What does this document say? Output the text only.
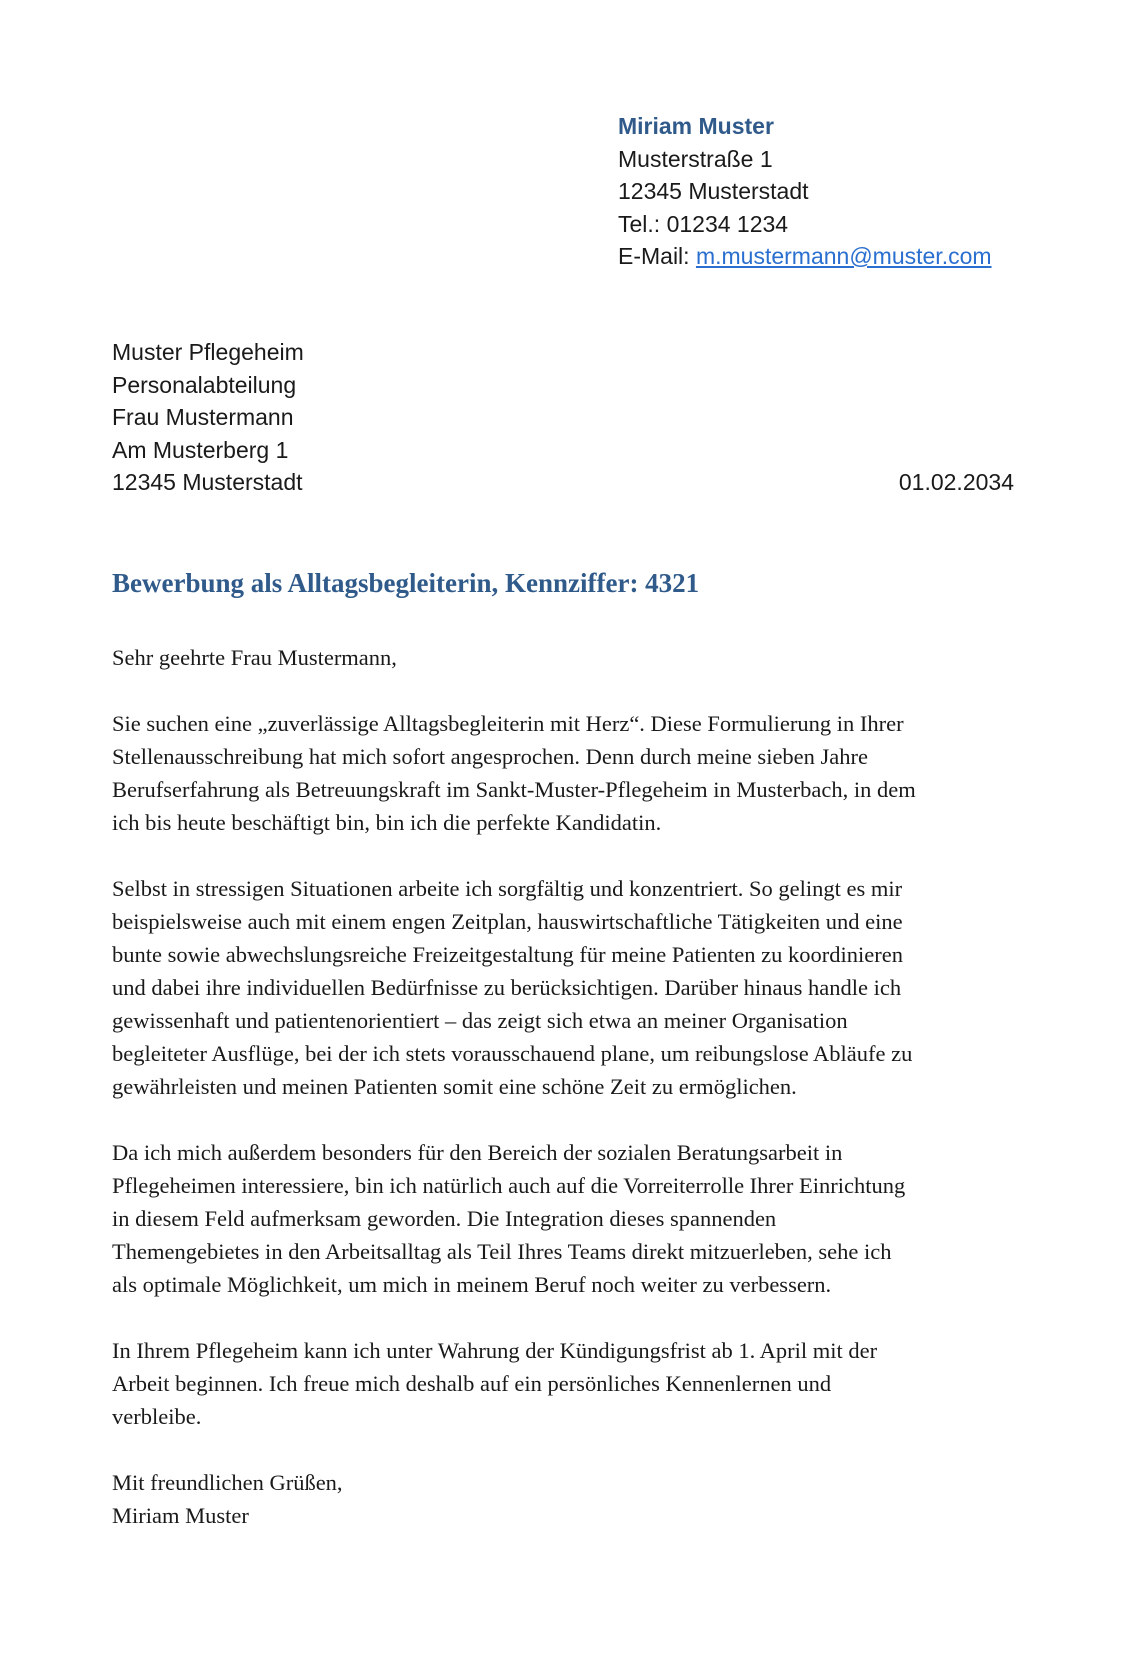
Miriam Muster
Musterstraße 1
12345 Musterstadt
Tel.: 01234 1234
E-Mail: m.mustermann@muster.com
Muster Pflegeheim
Personalabteilung
Frau Mustermann
Am Musterberg 1
12345 Musterstadt	01.02.2034
Bewerbung als Alltagsbegleiterin, Kennziffer: 4321

Sehr geehrte Frau Mustermann,

Sie suchen eine „zuverlässige Alltagsbegleiterin mit Herz“. Diese Formulierung in Ihrer
Stellenausschreibung hat mich sofort angesprochen. Denn durch meine sieben Jahre
Berufserfahrung als Betreuungskraft im Sankt-Muster-Pflegeheim in Musterbach, in dem
ich bis heute beschäftigt bin, bin ich die perfekte Kandidatin.

Selbst in stressigen Situationen arbeite ich sorgfältig und konzentriert. So gelingt es mir
beispielsweise auch mit einem engen Zeitplan, hauswirtschaftliche Tätigkeiten und eine
bunte sowie abwechslungsreiche Freizeitgestaltung für meine Patienten zu koordinieren
und dabei ihre individuellen Bedürfnisse zu berücksichtigen. Darüber hinaus handle ich
gewissenhaft und patientenorientiert – das zeigt sich etwa an meiner Organisation
begleiteter Ausflüge, bei der ich stets vorausschauend plane, um reibungslose Abläufe zu
gewährleisten und meinen Patienten somit eine schöne Zeit zu ermöglichen.

Da ich mich außerdem besonders für den Bereich der sozialen Beratungsarbeit in
Pflegeheimen interessiere, bin ich natürlich auch auf die Vorreiterrolle Ihrer Einrichtung
in diesem Feld aufmerksam geworden. Die Integration dieses spannenden
Themengebietes in den Arbeitsalltag als Teil Ihres Teams direkt mitzuerleben, sehe ich
als optimale Möglichkeit, um mich in meinem Beruf noch weiter zu verbessern.

In Ihrem Pflegeheim kann ich unter Wahrung der Kündigungsfrist ab 1. April mit der
Arbeit beginnen. Ich freue mich deshalb auf ein persönliches Kennenlernen und
verbleibe.

Mit freundlichen Grüßen,
Miriam Muster
